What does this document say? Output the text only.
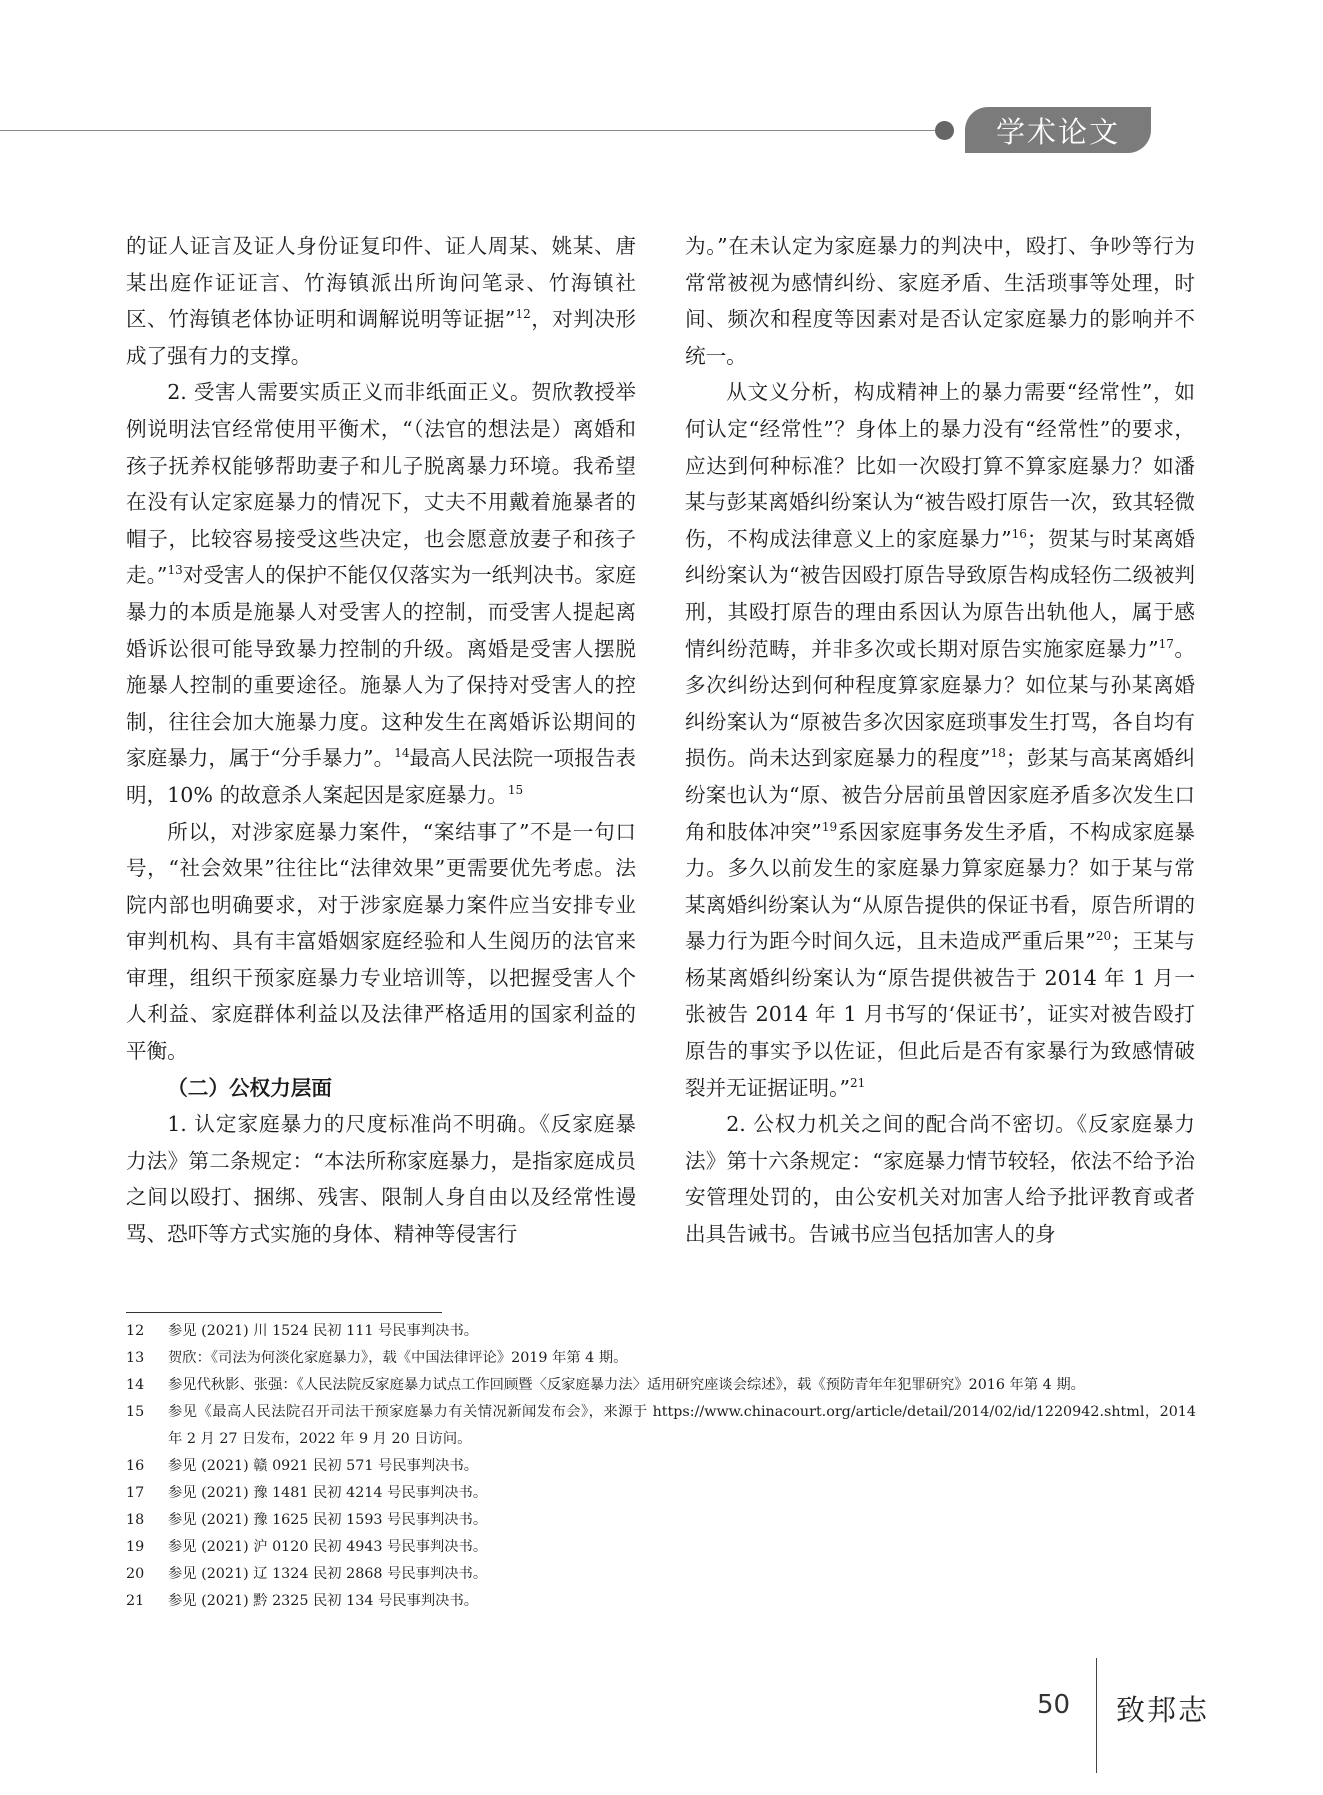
学术论文

的证人证言及证人身份证复印件、证人周某、姚某、唐某出庭作证证言、竹海镇派出所询问笔录、竹海镇社区、竹海镇老体协证明和调解说明等证据”$^{12}$，对判决形成了强有力的支撑。

2. 受害人需要实质正义而非纸面正义。贺欣教授举例说明法官经常使用平衡术，“（法官的想法是）离婚和孩子抚养权能够帮助妻子和儿子脱离暴力环境。我希望在没有认定家庭暴力的情况下，丈夫不用戴着施暴者的帽子，比较容易接受这些决定，也会愿意放妻子和孩子走。”$^{13}$对受害人的保护不能仅仅落实为一纸判决书。家庭暴力的本质是施暴人对受害人的控制，而受害人提起离婚诉讼很可能导致暴力控制的升级。离婚是受害人摆脱施暴人控制的重要途径。施暴人为了保持对受害人的控制，往往会加大施暴力度。这种发生在离婚诉讼期间的家庭暴力，属于“分手暴力”。$^{14}$最高人民法院一项报告表明，10% 的故意杀人案起因是家庭暴力。$^{15}$

所以，对涉家庭暴力案件，“案结事了”不是一句口号，“社会效果”往往比“法律效果”更需要优先考虑。法院内部也明确要求，对于涉家庭暴力案件应当安排专业审判机构、具有丰富婚姻家庭经验和人生阅历的法官来审理，组织干预家庭暴力专业培训等，以把握受害人个人利益、家庭群体利益以及法律严格适用的国家利益的平衡。

（二）公权力层面

1. 认定家庭暴力的尺度标准尚不明确。《反家庭暴力法》第二条规定：“本法所称家庭暴力，是指家庭成员之间以殴打、捆绑、残害、限制人身自由以及经常性谩骂、恐吓等方式实施的身体、精神等侵害行

为。”在未认定为家庭暴力的判决中，殴打、争吵等行为常常被视为感情纠纷、家庭矛盾、生活琐事等处理，时间、频次和程度等因素对是否认定家庭暴力的影响并不统一。

从文义分析，构成精神上的暴力需要“经常性”，如何认定“经常性”？身体上的暴力没有“经常性”的要求，应达到何种标准？比如一次殴打算不算家庭暴力？如潘某与彭某离婚纠纷案认为“被告殴打原告一次，致其轻微伤，不构成法律意义上的家庭暴力”$^{16}$；贺某与时某离婚纠纷案认为“被告因殴打原告导致原告构成轻伤二级被判刑，其殴打原告的理由系因认为原告出轨他人，属于感情纠纷范畴，并非多次或长期对原告实施家庭暴力”$^{17}$。多次纠纷达到何种程度算家庭暴力？如位某与孙某离婚纠纷案认为“原被告多次因家庭琐事发生打骂，各自均有损伤。尚未达到家庭暴力的程度”$^{18}$；彭某与高某离婚纠纷案也认为“原、被告分居前虽曾因家庭矛盾多次发生口角和肢体冲突”$^{19}$系因家庭事务发生矛盾，不构成家庭暴力。多久以前发生的家庭暴力算家庭暴力？如于某与常某离婚纠纷案认为“从原告提供的保证书看，原告所谓的暴力行为距今时间久远，且未造成严重后果”$^{20}$；王某与杨某离婚纠纷案认为“原告提供被告于 2014 年 1 月一张被告 2014 年 1 月书写的‘保证书’，证实对被告殴打原告的事实予以佐证，但此后是否有家暴行为致感情破裂并无证据证明。”$^{21}$

2. 公权力机关之间的配合尚不密切。《反家庭暴力法》第十六条规定：“家庭暴力情节较轻，依法不给予治安管理处罚的，由公安机关对加害人给予批评教育或者出具告诫书。告诫书应当包括加害人的身

12	参见 (2021) 川 1524 民初 111 号民事判决书。
13	贺欣：《司法为何淡化家庭暴力》，载《中国法律评论》2019 年第 4 期。
14	参见代秋影、张强：《人民法院反家庭暴力试点工作回顾暨〈反家庭暴力法〉适用研究座谈会综述》，载《预防青年年犯罪研究》2016 年第 4 期。
15	参见《最高人民法院召开司法干预家庭暴力有关情况新闻发布会》，来源于 https://www.chinacourt.org/article/detail/2014/02/id/1220942.shtml，2014 年 2 月 27 日发布，2022 年 9 月 20 日访问。
16	参见 (2021) 赣 0921 民初 571 号民事判决书。
17	参见 (2021) 豫 1481 民初 4214 号民事判决书。
18	参见 (2021) 豫 1625 民初 1593 号民事判决书。
19	参见 (2021) 沪 0120 民初 4943 号民事判决书。
20	参见 (2021) 辽 1324 民初 2868 号民事判决书。
21	参见 (2021) 黔 2325 民初 134 号民事判决书。
50 致邦志
